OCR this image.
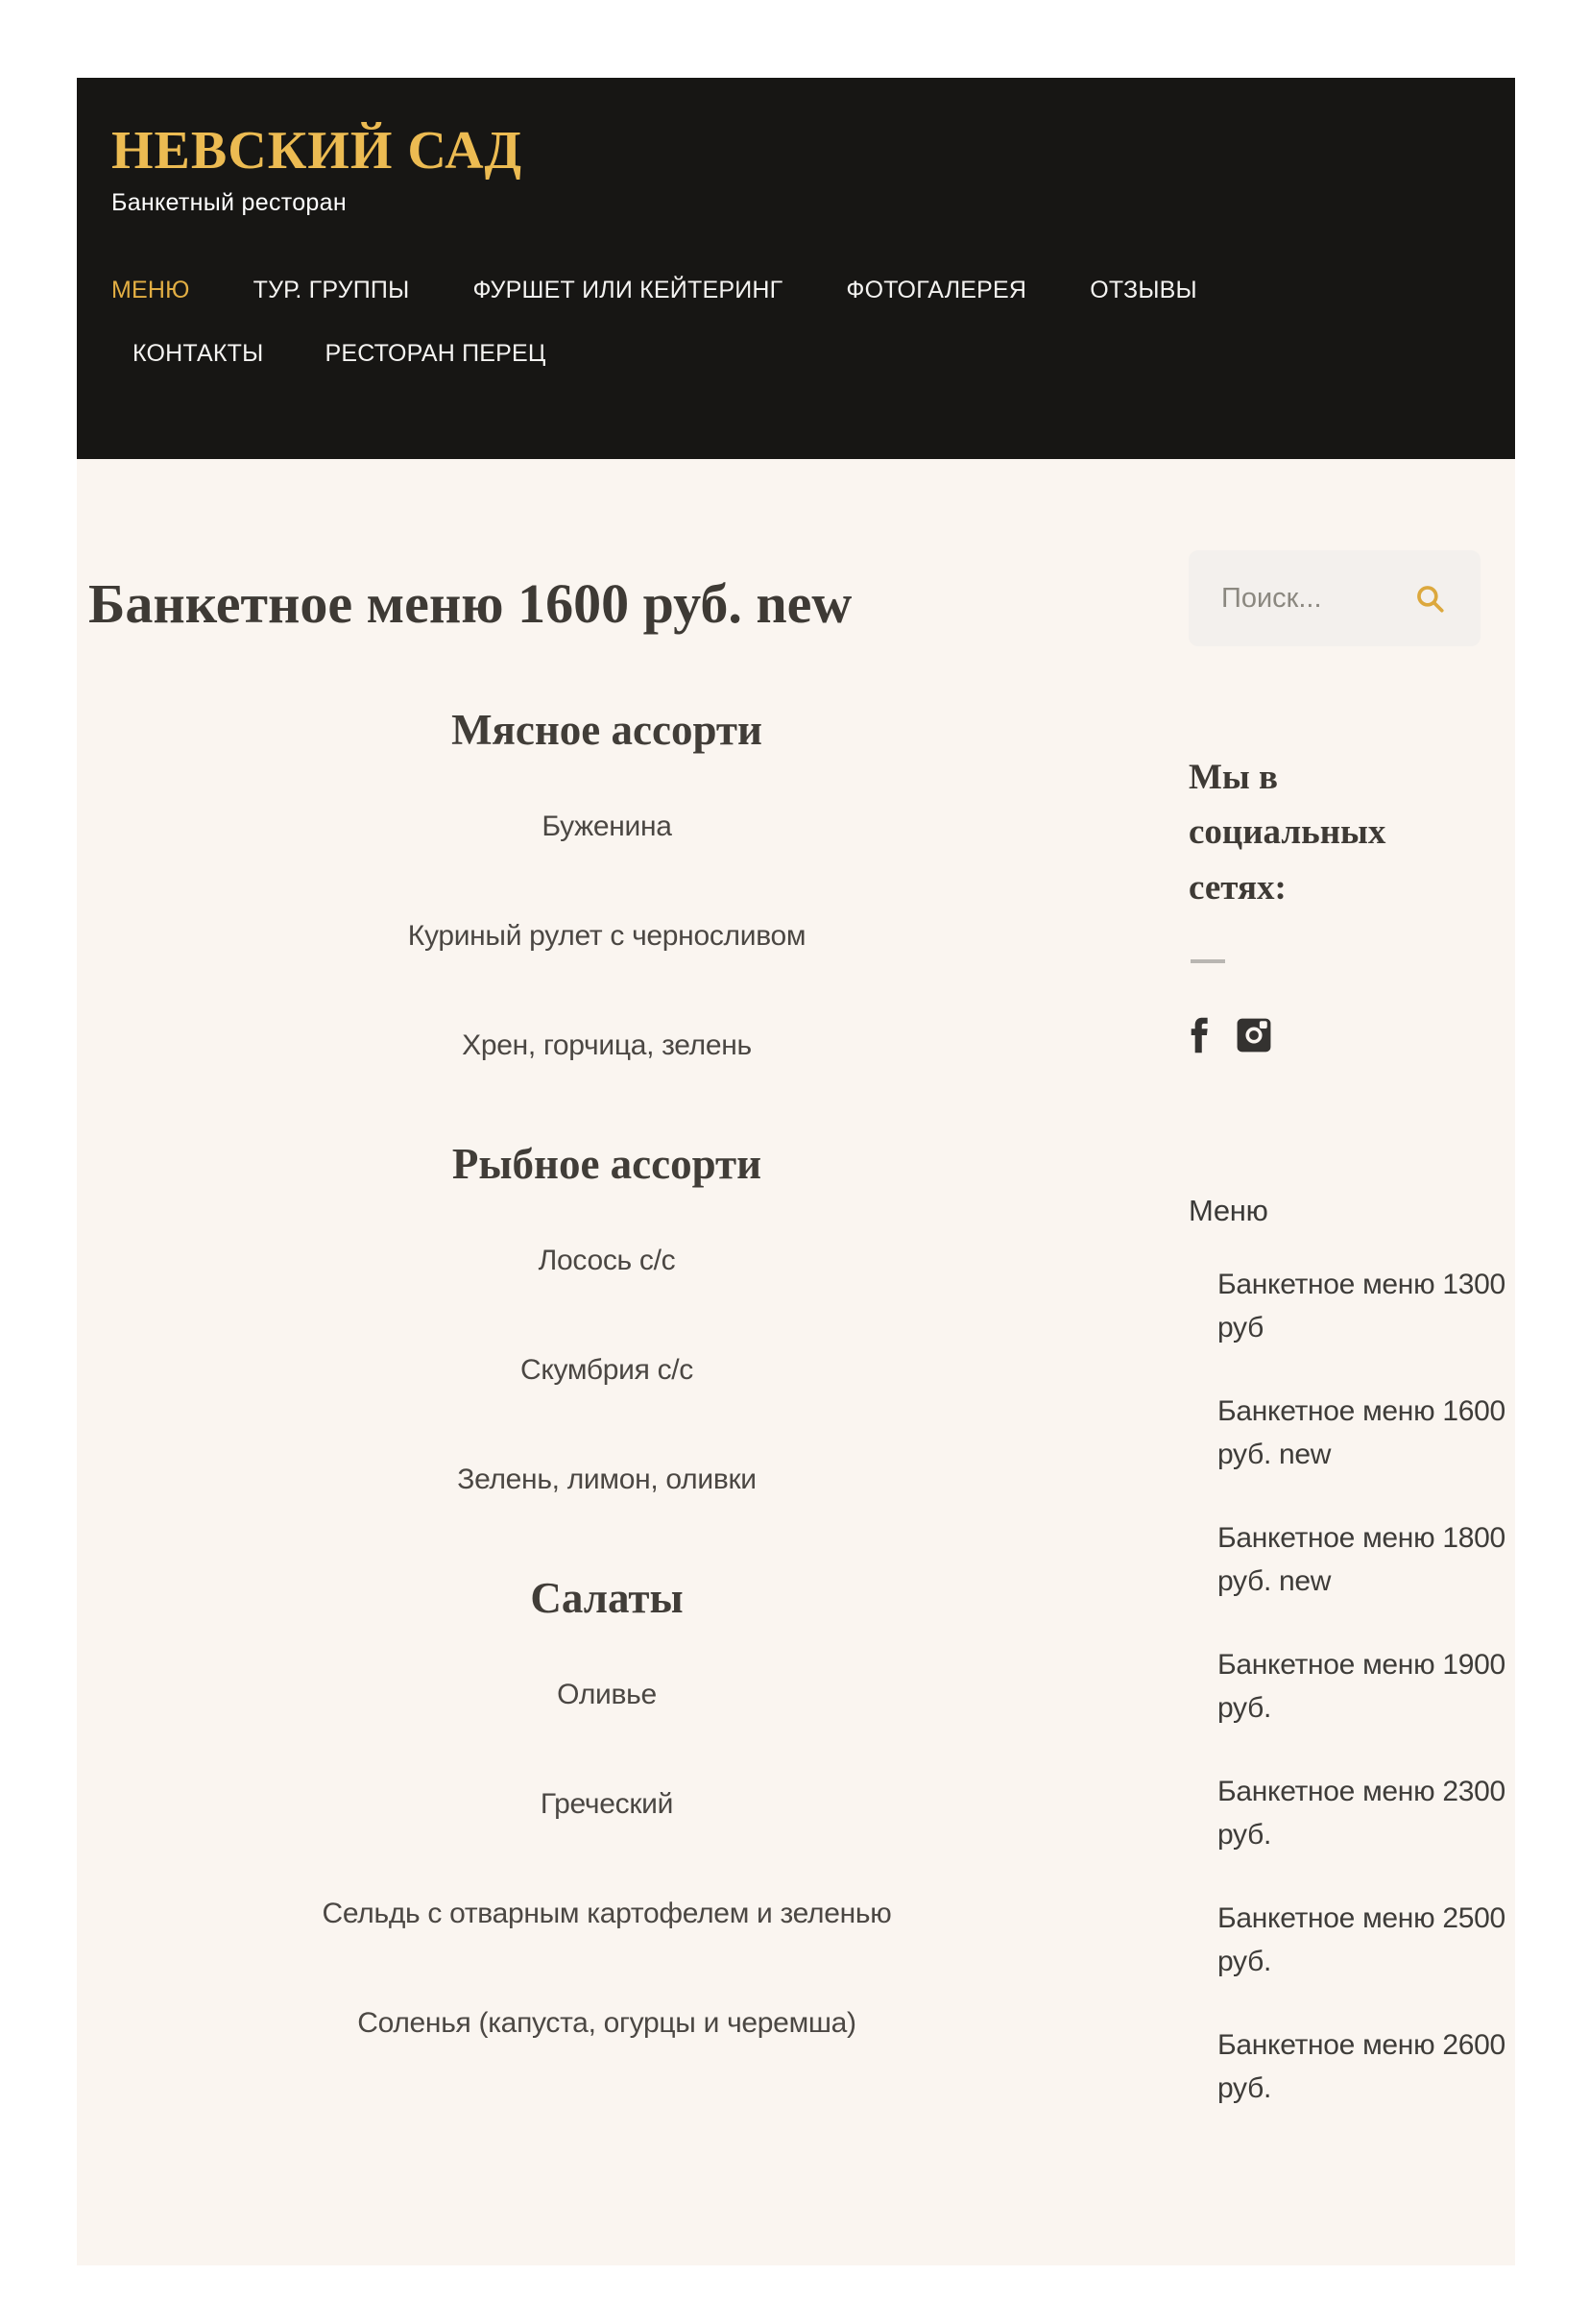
НЕВСКИЙ САД
Банкетный ресторан
МЕНЮ	ТУР. ГРУППЫ	ФУРШЕТ ИЛИ КЕЙТЕРИНГ	ФОТОГАЛЕРЕЯ	ОТЗЫВЫ
КОНТАКТЫ	РЕСТОРАН ПЕРЕЦ
Банкетное меню 1600 руб. new
Мясное ассорти

Буженина

Куриный рулет с черносливом

Хрен, горчица, зелень

Рыбное ассорти

Лосось с/с

Скумбрия с/с

Зелень, лимон, оливки

Салаты

Оливье

Греческий

Сельдь с отварным картофелем и зеленью

Соленья (капуста, огурцы и черемша)

Поиск...
Мы в социальных сетях:
Меню
Банкетное меню 1300 руб
Банкетное меню 1600 руб. new
Банкетное меню 1800 руб. new
Банкетное меню 1900 руб.
Банкетное меню 2300 руб.
Банкетное меню 2500 руб.
Банкетное меню 2600 руб.
